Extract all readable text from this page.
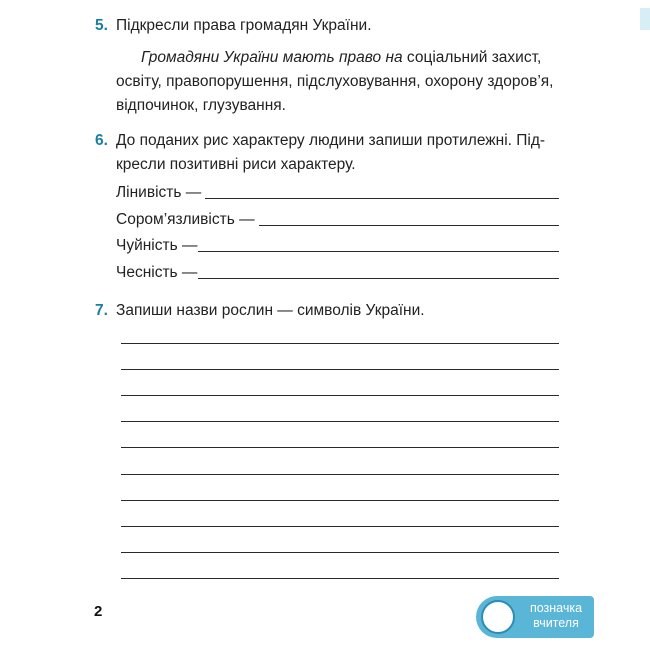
5. Підкресли права громадян України.
Громадяни України мають право на соціальний захист,
освіту, правопорушення, підслуховування, охорону здоров’я,
відпочинок, глузування.
6. До поданих рис характеру людини запиши протилежні. Під-
кресли позитивні риси характеру.
Лінивість —
Сором’язливість —
Чуйність —
Чесність —
7. Запиши назви рослин — символів України.
2	позначка
вчителя
